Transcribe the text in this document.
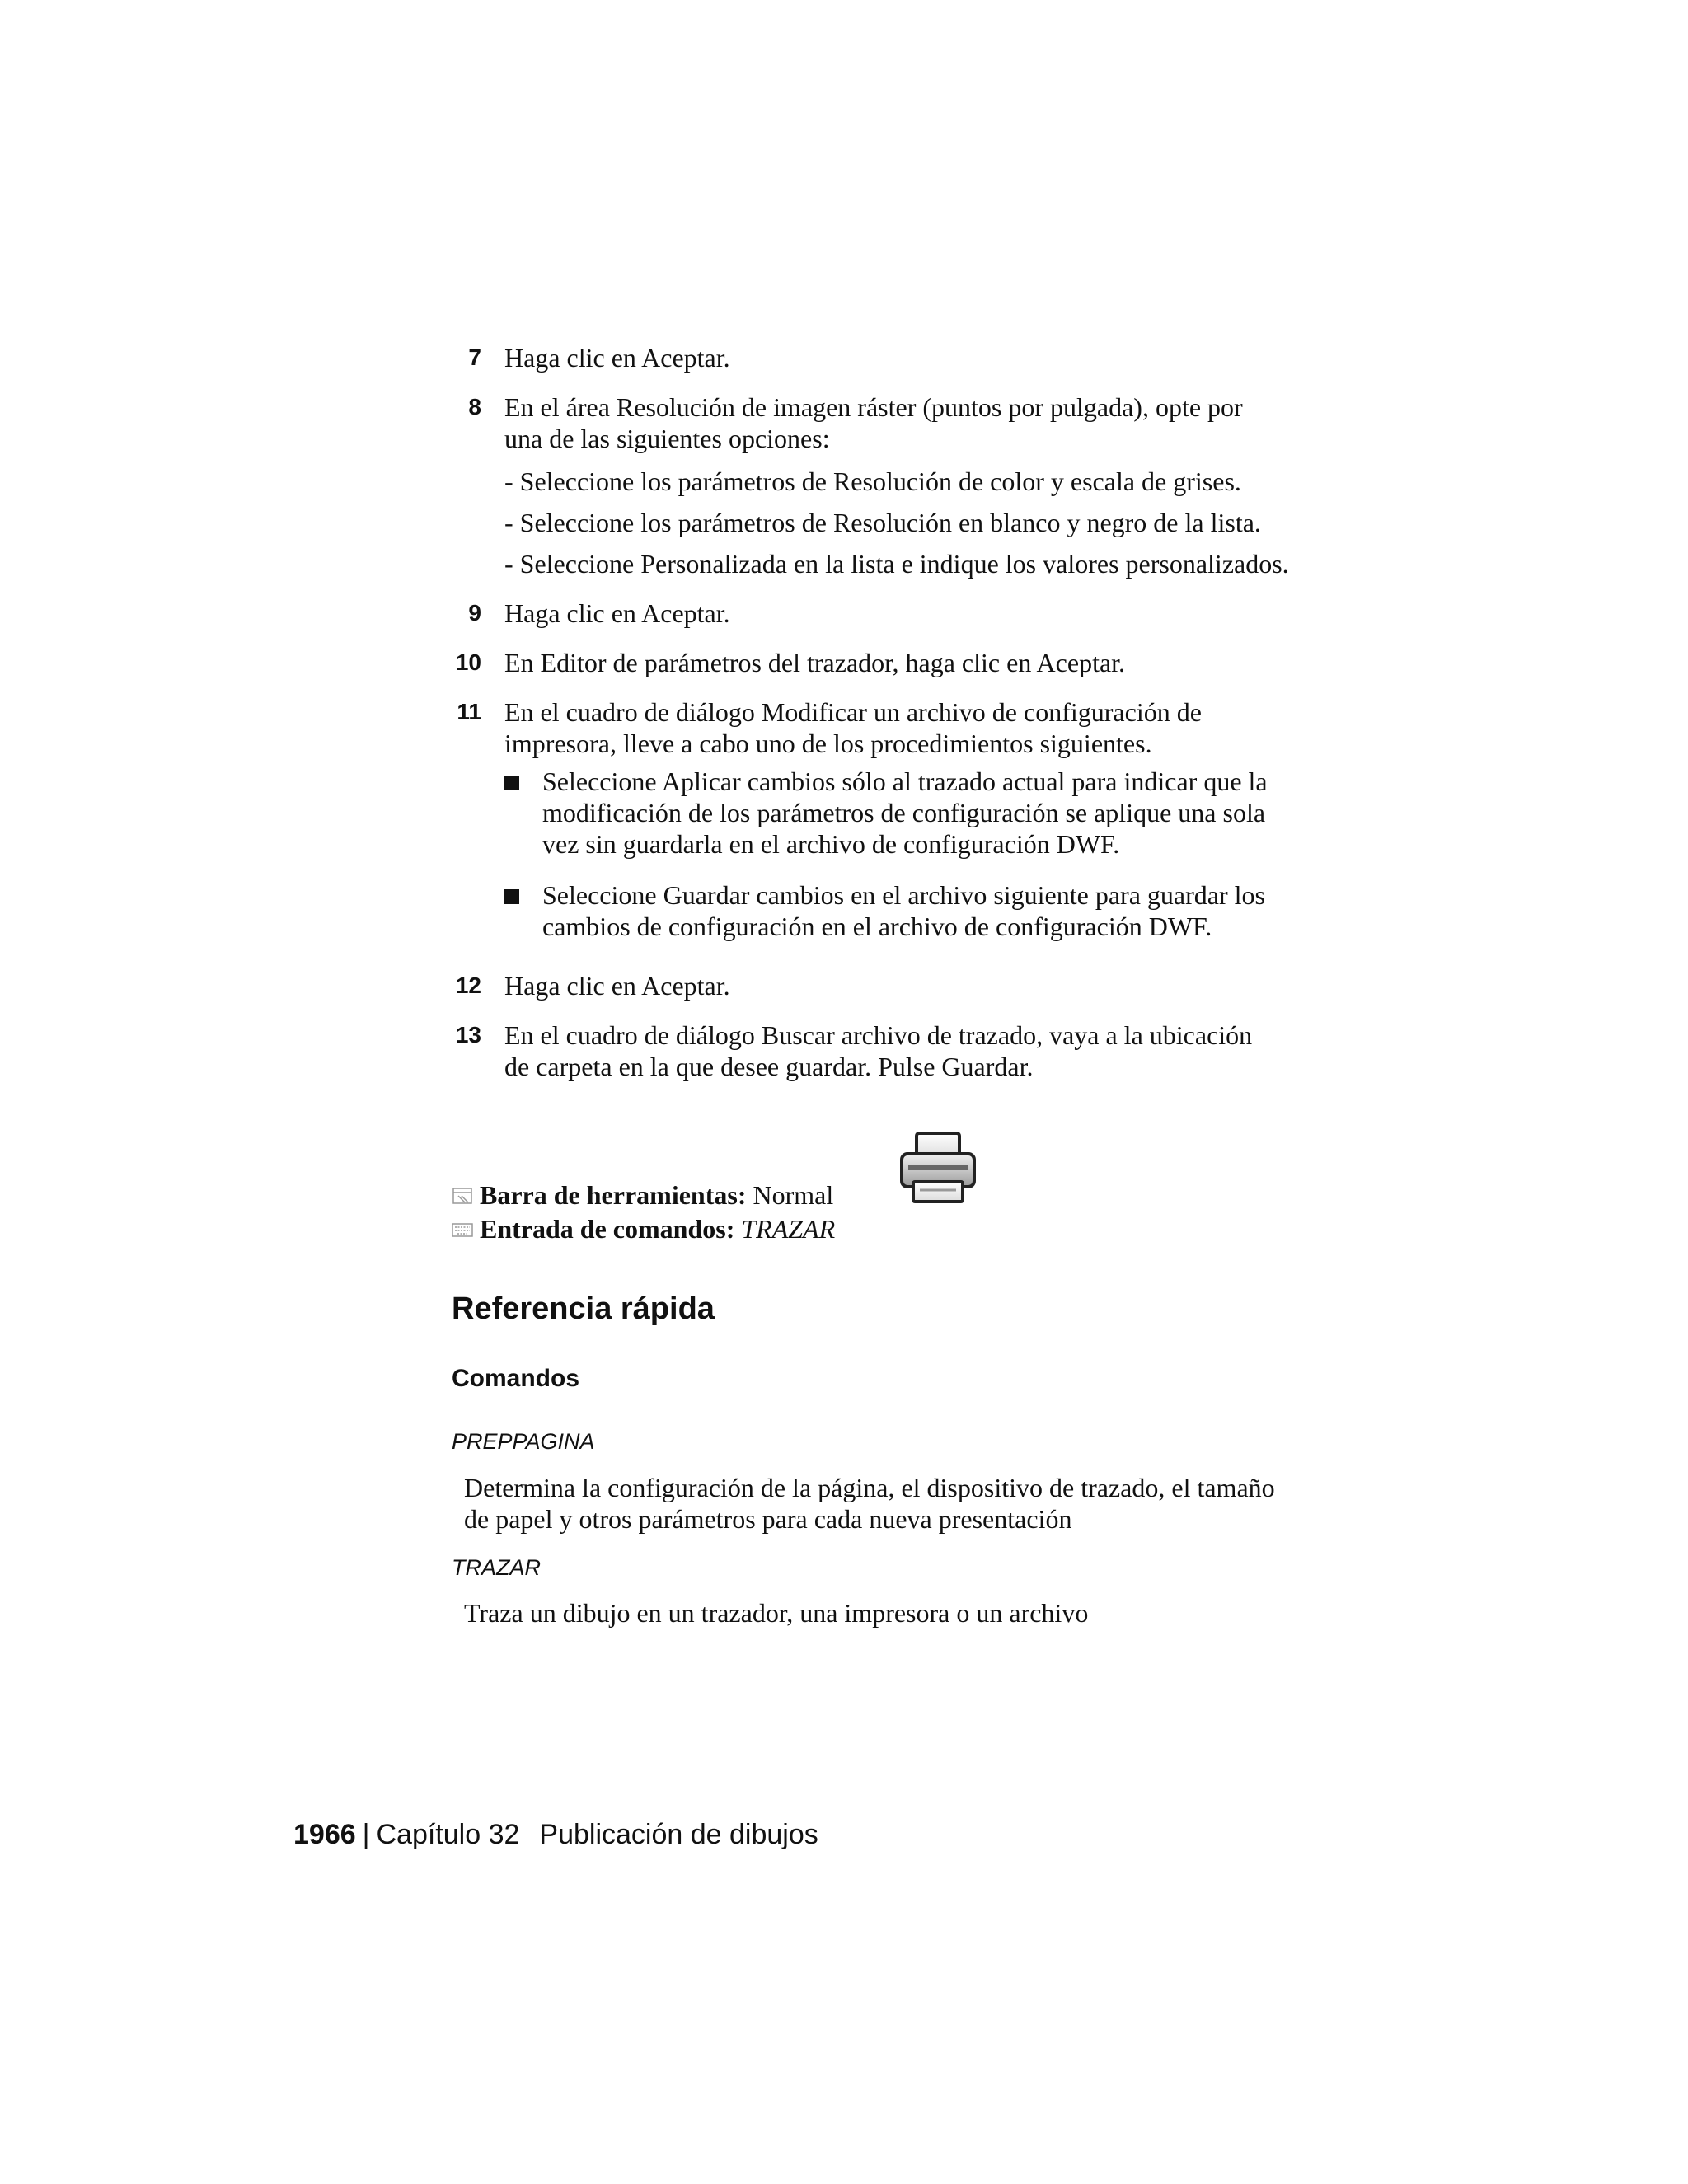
7 Haga clic en Aceptar.
8 En el área Resolución de imagen ráster (puntos por pulgada), opte por
una de las siguientes opciones:
- Seleccione los parámetros de Resolución de color y escala de grises.
- Seleccione los parámetros de Resolución en blanco y negro de la lista.
- Seleccione Personalizada en la lista e indique los valores personalizados.
9 Haga clic en Aceptar.
10 En Editor de parámetros del trazador, haga clic en Aceptar.
11 En el cuadro de diálogo Modificar un archivo de configuración de
impresora, lleve a cabo uno de los procedimientos siguientes.
Seleccione Aplicar cambios sólo al trazado actual para indicar que la
modificación de los parámetros de configuración se aplique una sola
vez sin guardarla en el archivo de configuración DWF.
Seleccione Guardar cambios en el archivo siguiente para guardar los
cambios de configuración en el archivo de configuración DWF.
12 Haga clic en Aceptar.
13 En el cuadro de diálogo Buscar archivo de trazado, vaya a la ubicación
de carpeta en la que desee guardar. Pulse Guardar.
Barra de herramientas: Normal
Entrada de comandos: TRAZAR
Referencia rápida
Comandos
PREPPAGINA
Determina la configuración de la página, el dispositivo de trazado, el tamaño
de papel y otros parámetros para cada nueva presentación
TRAZAR
Traza un dibujo en un trazador, una impresora o un archivo
1966 | Capítulo 32 Publicación de dibujos
